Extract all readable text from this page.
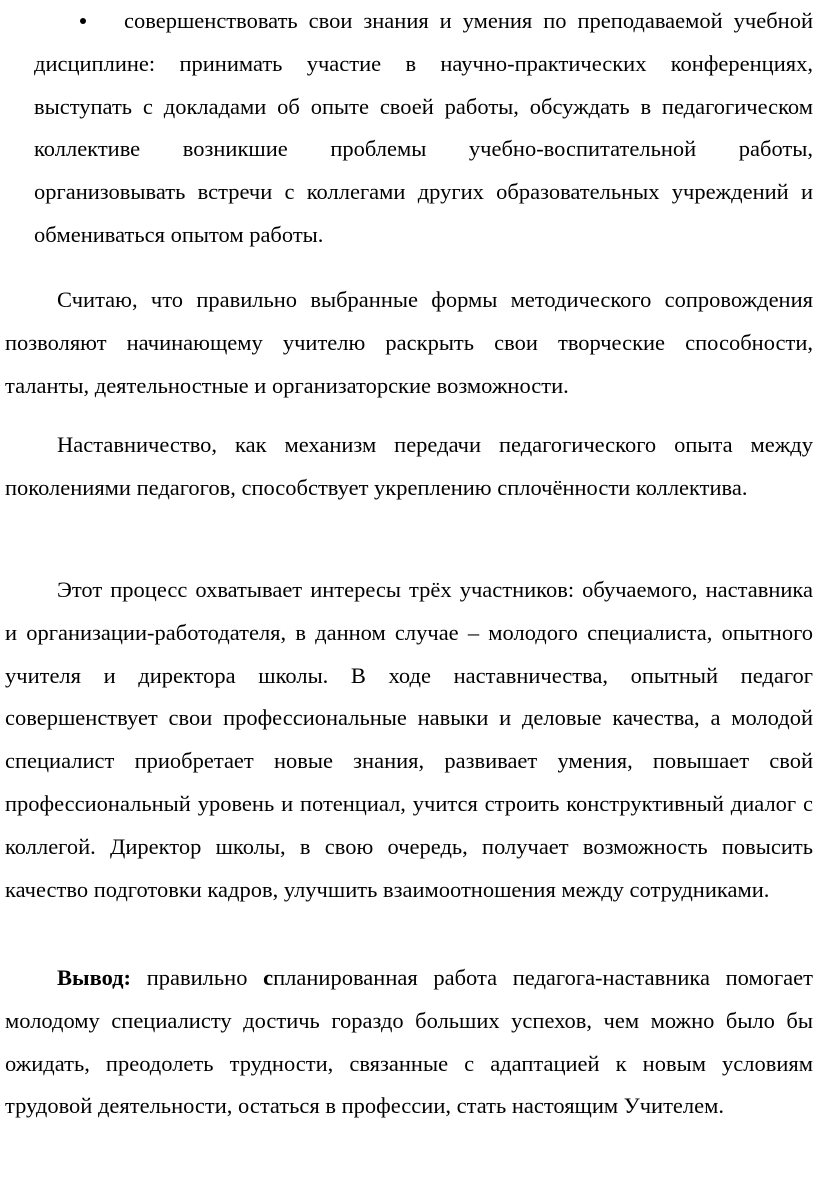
совершенствовать свои знания и умения по преподаваемой учебной дисциплине: принимать участие в научно-практических конференциях, выступать с докладами об опыте своей работы, обсуждать в педагогическом коллективе возникшие проблемы учебно-воспитательной работы, организовывать встречи с коллегами других образовательных учреждений и обмениваться опытом работы.

Считаю, что правильно выбранные формы методического сопровождения позволяют начинающему учителю раскрыть свои творческие способности, таланты, деятельностные и организаторские возможности.

Наставничество, как механизм передачи педагогического опыта между поколениями педагогов, способствует укреплению сплочённости коллектива.

Этот процесс охватывает интересы трёх участников: обучаемого, наставника и организации-работодателя, в данном случае – молодого специалиста, опытного учителя и директора школы. В ходе наставничества, опытный педагог совершенствует свои профессиональные навыки и деловые качества, а молодой специалист приобретает новые знания, развивает умения, повышает свой профессиональный уровень и потенциал, учится строить конструктивный диалог с коллегой. Директор школы, в свою очередь, получает возможность повысить качество подготовки кадров, улучшить взаимоотношения между сотрудниками.

Вывод: правильно спланированная работа педагога-наставника помогает молодому специалисту достичь гораздо больших успехов, чем можно было бы ожидать, преодолеть трудности, связанные с адаптацией к новым условиям трудовой деятельности, остаться в профессии, стать настоящим Учителем.
